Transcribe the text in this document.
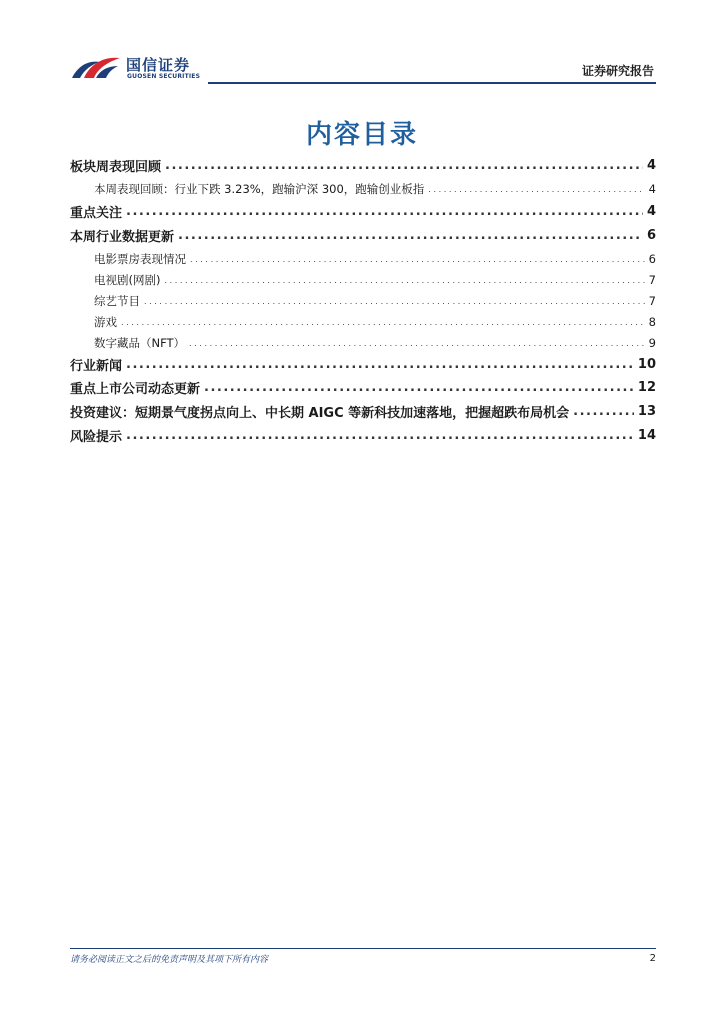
国信证券
GUOSEN SECURITIES	证券研究报告
内容目录
板块周表现回顾 .....	4
本周表现回顾：行业下跌 3.23%，跑输沪深 300，跑输创业板指 .....	4
重点关注 .....	4
本周行业数据更新 .....	6
电影票房表现情况 .....	6
电视剧(网剧) .....	7
综艺节目 .....	7
游戏 .....	8
数字藏品（NFT） .....	9
行业新闻 .....	10
重点上市公司动态更新 .....	12
投资建议：短期景气度拐点向上、中长期 AIGC 等新科技加速落地，把握超跌布局机会 .....	13
风险提示 .....	14
请务必阅读正文之后的免责声明及其项下所有内容	2
